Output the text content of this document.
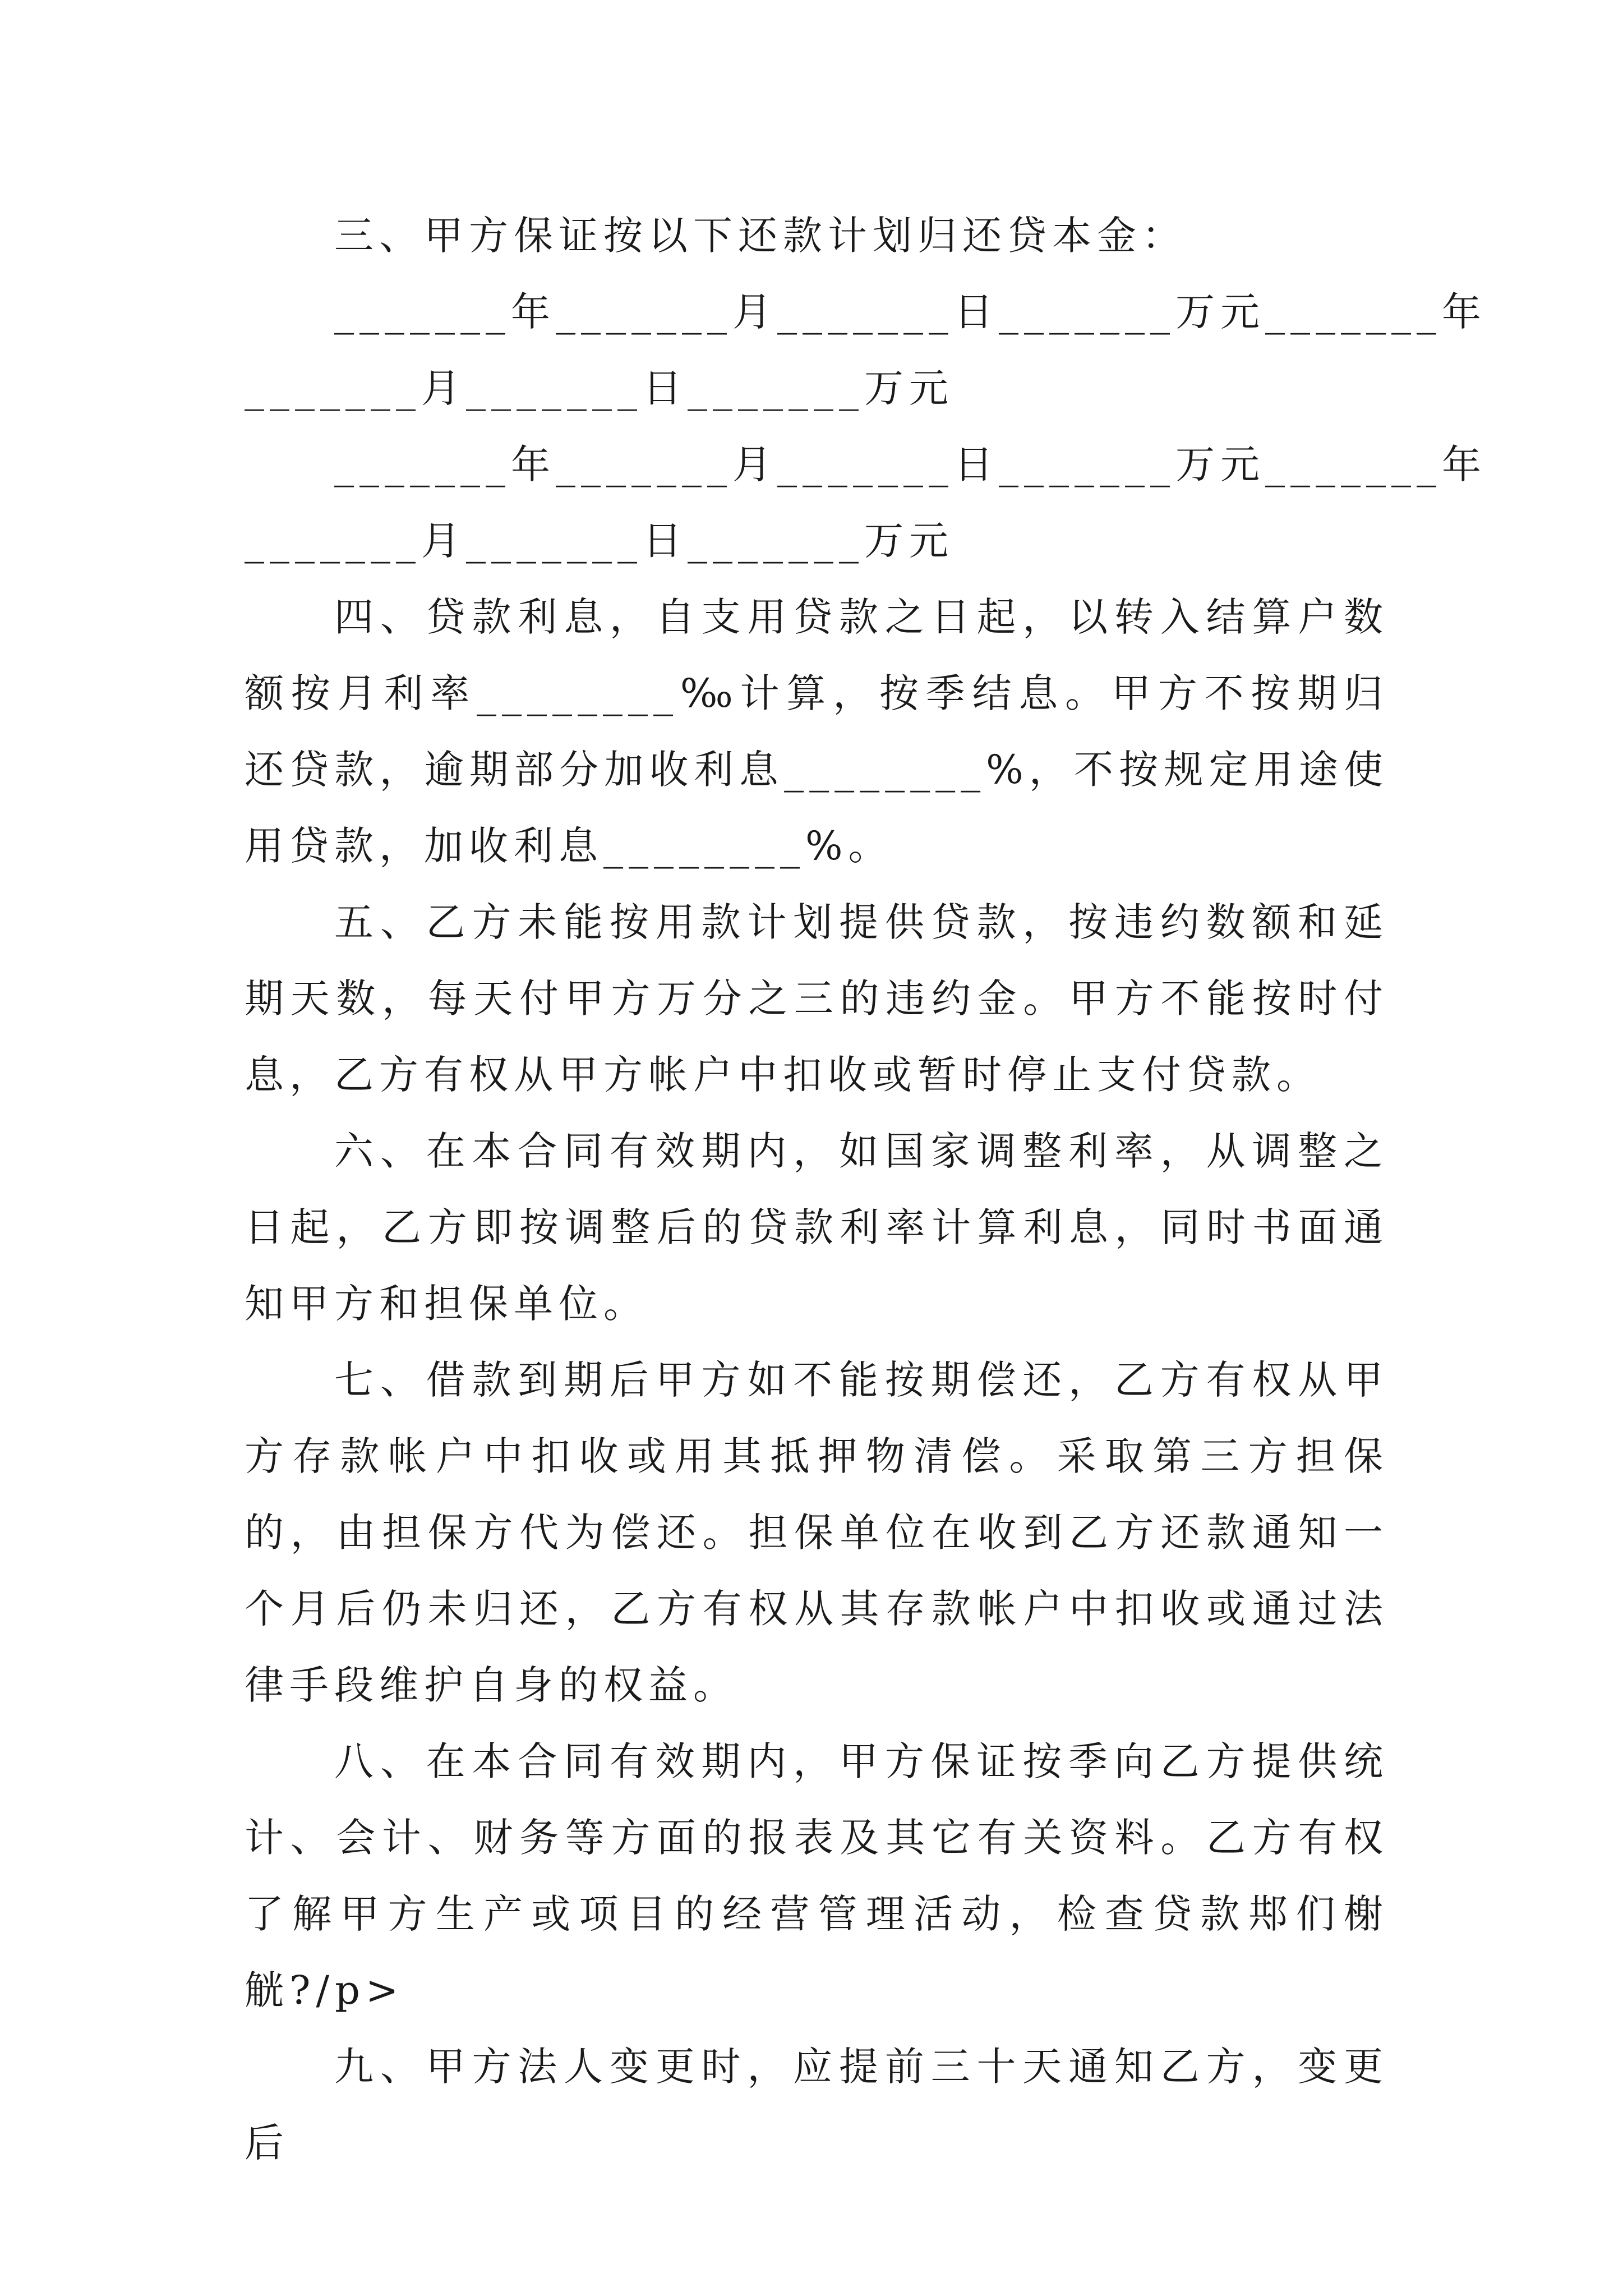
三、甲方保证按以下还款计划归还贷本金：

_______年_______月_______日_______万元_______年

_______月_______日_______万元

_______年_______月_______日_______万元_______年

_______月_______日_______万元

四、贷款利息，自支用贷款之日起，以转入结算户数额按月利率________‰计算，按季结息。甲方不按期归还贷款，逾期部分加收利息________%，不按规定用途使用贷款，加收利息________%。

五、乙方未能按用款计划提供贷款，按违约数额和延期天数，每天付甲方万分之三的违约金。甲方不能按时付息，乙方有权从甲方帐户中扣收或暂时停止支付贷款。

六、在本合同有效期内，如国家调整利率，从调整之日起，乙方即按调整后的贷款利率计算利息，同时书面通知甲方和担保单位。

七、借款到期后甲方如不能按期偿还，乙方有权从甲方存款帐户中扣收或用其抵押物清偿。采取第三方担保的，由担保方代为偿还。担保单位在收到乙方还款通知一个月后仍未归还，乙方有权从其存款帐户中扣收或通过法律手段维护自身的权益。

八、在本合同有效期内，甲方保证按季向乙方提供统计、会计、财务等方面的报表及其它有关资料。乙方有权了解甲方生产或项目的经营管理活动，检查贷款䢼们榭觥?/p>

九、甲方法人变更时，应提前三十天通知乙方，变更后
